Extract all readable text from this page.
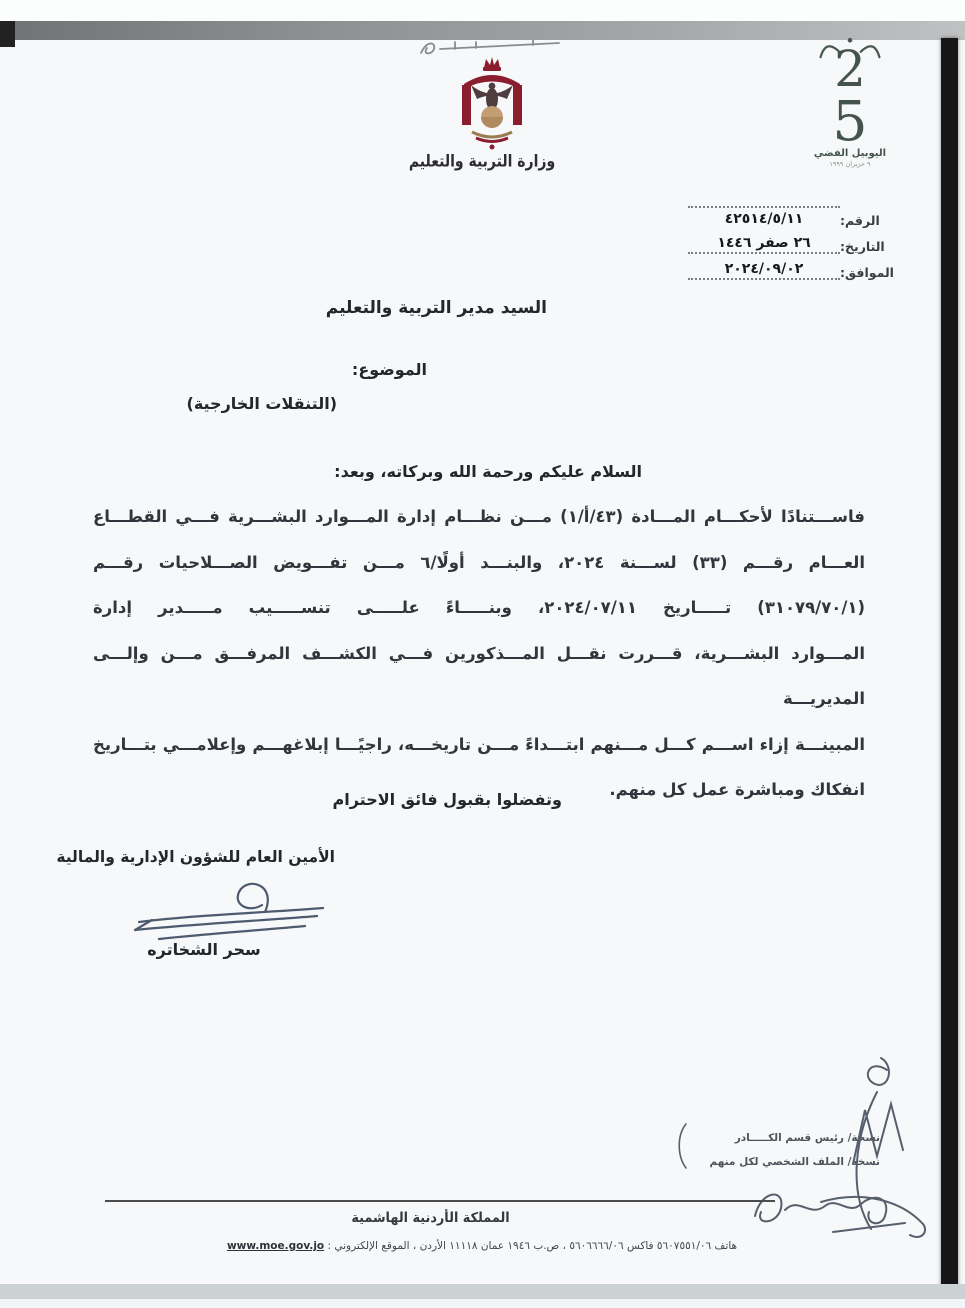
وزارة التربية والتعليم
2
5
اليوبيل الفضي
٩ حزيران ١٩٩٩
الرقم:
٤٢٥١٤/٥/١١
التاريخ:
٢٦ صفر ١٤٤٦
الموافق:
٢٠٢٤/٠٩/٠٢
السيد مدير التربية والتعليم
الموضوع:
(التنقلات الخارجية)
السلام عليكم ورحمة الله وبركاته، وبعد:
فاســـتنادًا لأحكـــام المـــادة (٤٣/أ/١) مـــن نظـــام إدارة المـــوارد البشـــرية فـــي القطـــاع
العـــام رقـــم (٣٣) لســـنة ٢٠٢٤، والبنـــد أولًا/٦ مـــن تفـــويض الصـــلاحيات رقـــم
(٣١٠٧٩/٧٠/١) تـــــاريخ ٢٠٢٤/٠٧/١١، وبنـــــاءً علـــــى تنســـــيب مـــــدير إدارة
المـــوارد البشـــرية، قـــررت نقـــل المـــذكورين فـــي الكشـــف المرفـــق مـــن وإلـــى المديريـــة
المبينـــة إزاء اســـم كـــل مـــنهم ابتـــداءً مـــن تاريخـــه، راجيًـــا إبلاغهـــم وإعلامـــي بتـــاريخ
انفكاك ومباشرة عمل كل منهم.
وتفضلوا بقبول فائق الاحترام
الأمين العام للشؤون الإدارية والمالية
سحر الشخاتره
نسخة/ رئيس قسم الكـــــادر
نسخة/ الملف الشخصي لكل منهم
المملكة الأردنية الهاشمية
هاتف ٥٦٠٧٥٥١/٠٦ فاكس ٥٦٠٦٦٦٦/٠٦ ، ص.ب ١٩٤٦ عمان ١١١١٨ الأردن ، الموقع الإلكتروني : www.moe.gov.jo
